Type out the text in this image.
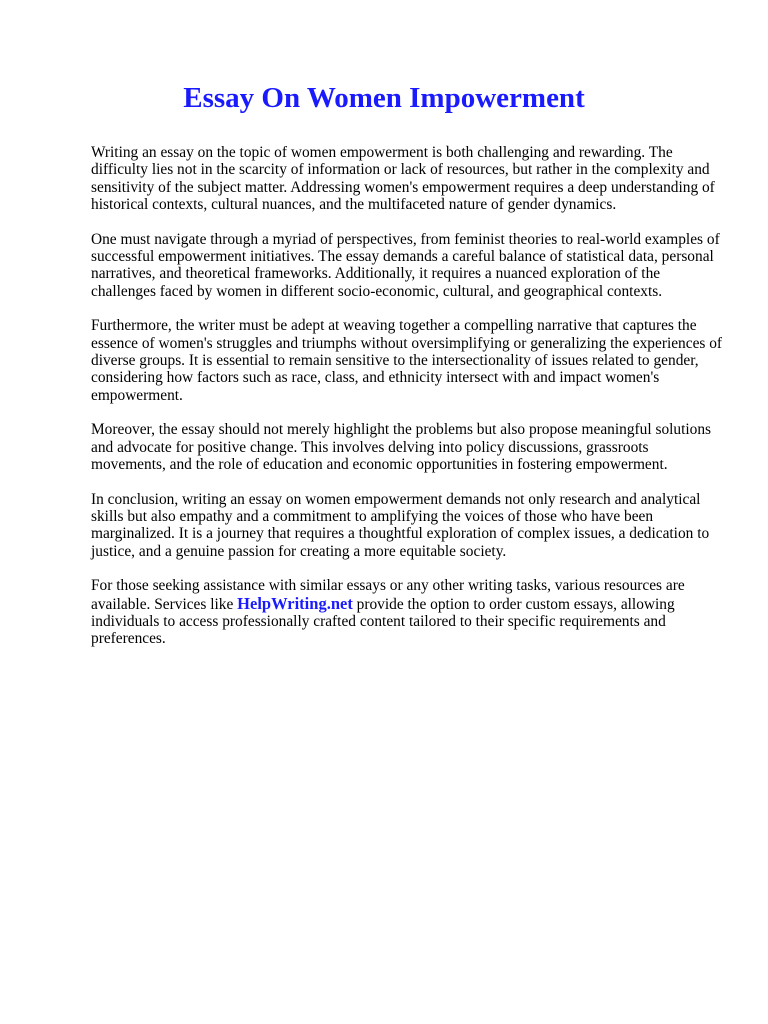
Essay On Women Impowerment

Writing an essay on the topic of women empowerment is both challenging and rewarding. The difficulty lies not in the scarcity of information or lack of resources, but rather in the complexity and sensitivity of the subject matter. Addressing women's empowerment requires a deep understanding of historical contexts, cultural nuances, and the multifaceted nature of gender dynamics.

One must navigate through a myriad of perspectives, from feminist theories to real-world examples of successful empowerment initiatives. The essay demands a careful balance of statistical data, personal narratives, and theoretical frameworks. Additionally, it requires a nuanced exploration of the challenges faced by women in different socio-economic, cultural, and geographical contexts.

Furthermore, the writer must be adept at weaving together a compelling narrative that captures the essence of women's struggles and triumphs without oversimplifying or generalizing the experiences of diverse groups. It is essential to remain sensitive to the intersectionality of issues related to gender, considering how factors such as race, class, and ethnicity intersect with and impact women's empowerment.

Moreover, the essay should not merely highlight the problems but also propose meaningful solutions and advocate for positive change. This involves delving into policy discussions, grassroots movements, and the role of education and economic opportunities in fostering empowerment.

In conclusion, writing an essay on women empowerment demands not only research and analytical skills but also empathy and a commitment to amplifying the voices of those who have been marginalized. It is a journey that requires a thoughtful exploration of complex issues, a dedication to justice, and a genuine passion for creating a more equitable society.

For those seeking assistance with similar essays or any other writing tasks, various resources are available. Services like HelpWriting.net provide the option to order custom essays, allowing individuals to access professionally crafted content tailored to their specific requirements and preferences.
